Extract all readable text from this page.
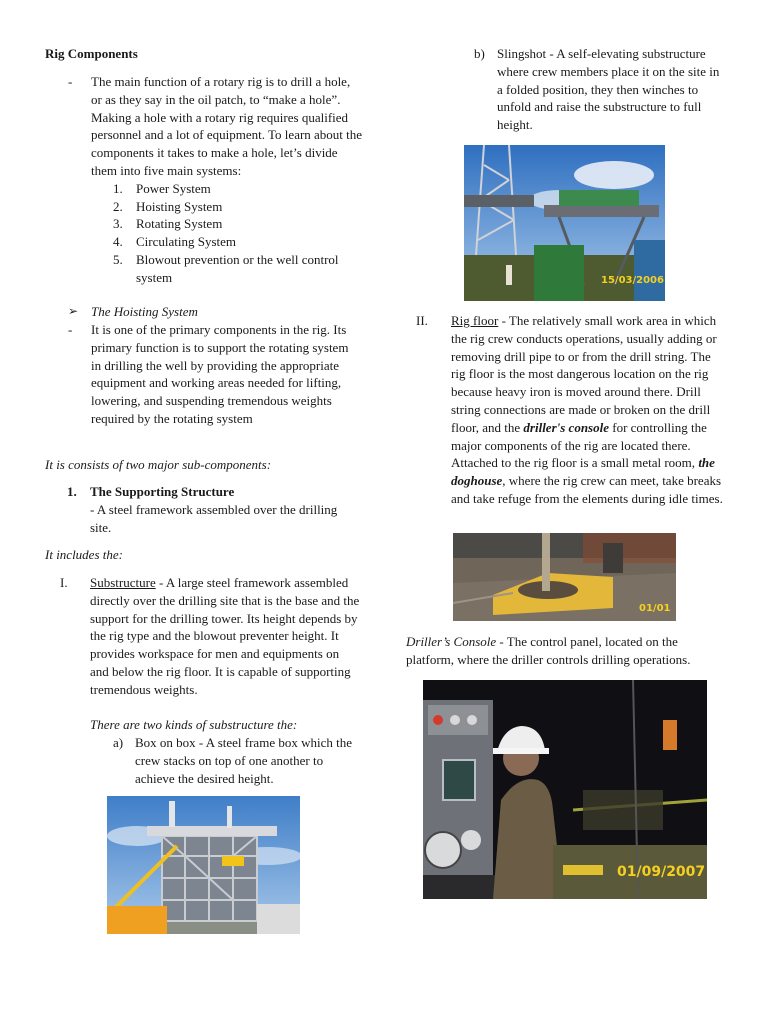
Rig Components
- The main function of a rotary rig is to drill a hole, or as they say in the oil patch, to “make a hole”. Making a hole with a rotary rig requires qualified personnel and a lot of equipment. To learn about the components it takes to make a hole, let’s divide them into five main systems:
1. Power System
2. Hoisting System
3. Rotating System
4. Circulating System
5. Blowout prevention or the well control system
➢ The Hoisting System
- It is one of the primary components in the rig. Its primary function is to support the rotating system in drilling the well by providing the appropriate equipment and working areas needed for lifting, lowering, and suspending tremendous weights required by the rotating system
It is consists of two major sub-components:
1. The Supporting Structure
- A steel framework assembled over the drilling site.
It includes the:
I. Substructure - A large steel framework assembled directly over the drilling site that is the base and the support for the drilling tower. Its height depends by the rig type and the blowout preventer height. It provides workspace for men and equipments on and below the rig floor. It is capable of supporting tremendous weights.
There are two kinds of substructure the:
a) Box on box - A steel frame box which the crew stacks on top of one another to achieve the desired height.
b) Slingshot - A self-elevating substructure where crew members place it on the site in a folded position, they then winches to unfold and raise the substructure to full height.
15/03/2006
II. Rig floor - The relatively small work area in which the rig crew conducts operations, usually adding or removing drill pipe to or from the drill string. The rig floor is the most dangerous location on the rig because heavy iron is moved around there. Drill string connections are made or broken on the drill floor, and the driller's console for controlling the major components of the rig are located there. Attached to the rig floor is a small metal room, the doghouse, where the rig crew can meet, take breaks and take refuge from the elements during idle times.
01/01
Driller’s Console - The control panel, located on the platform, where the driller controls drilling operations.
01/09/2007
